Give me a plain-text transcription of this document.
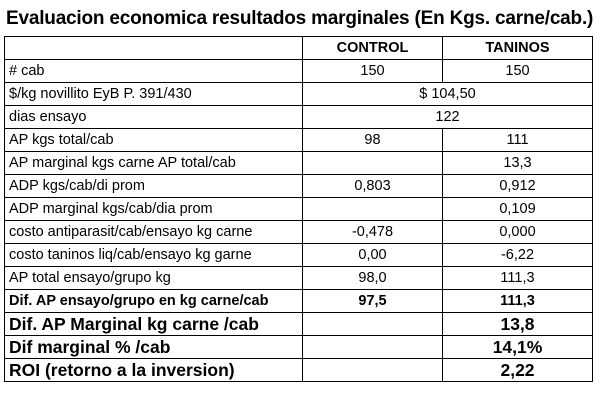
Evaluacion economica resultados marginales (En Kgs. carne/cab.)
	CONTROL	TANINOS
# cab	150	150
$/kg novillito EyB P. 391/430	$ 104,50	
dias ensayo	122	
AP kgs total/cab	98	111
AP marginal kgs carne AP total/cab		13,3
ADP kgs/cab/di prom	0,803	0,912
ADP marginal kgs/cab/dia prom		0,109
costo antiparasit/cab/ensayo kg carne	-0,478	0,000
costo taninos liq/cab/ensayo kg garne	0,00	-6,22
AP total ensayo/grupo kg	98,0	111,3
Dif. AP ensayo/grupo en kg carne/cab	97,5	111,3
Dif. AP Marginal kg carne /cab		13,8
Dif marginal % /cab		14,1%
ROI (retorno a la inversion)		2,22
